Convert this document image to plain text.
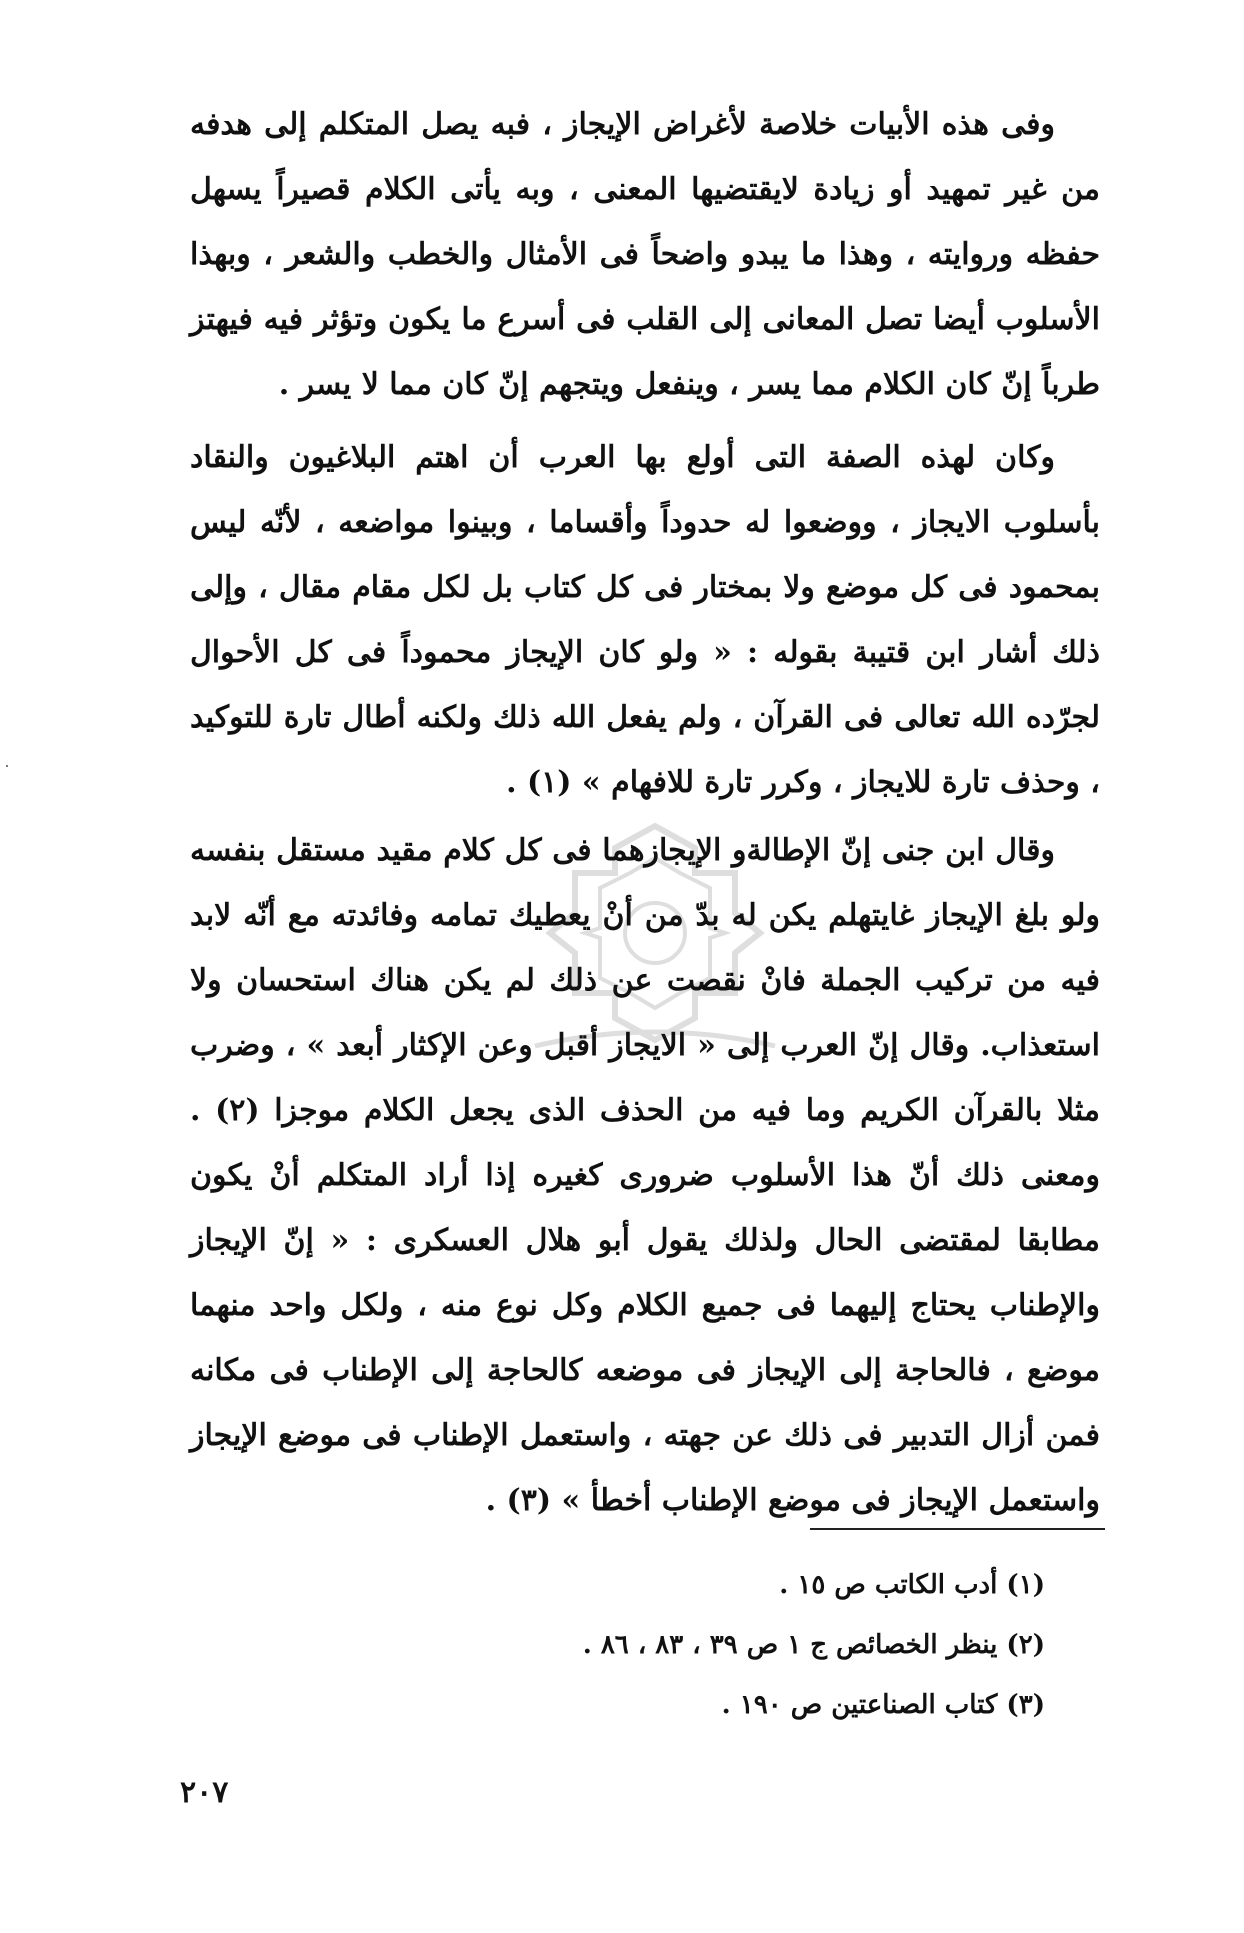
وفى هذه الأبيات خلاصة لأغراض الإيجاز ، فبه يصل المتكلم إلى هدفه من غير تمهيد أو زيادة لايقتضيها المعنى ، وبه يأتى الكلام قصيراً يسهل حفظه وروايته ، وهذا ما يبدو واضحاً فى الأمثال والخطب والشعر ، وبهذا الأسلوب أيضا تصل المعانى إلى القلب فى أسرع ما يكون وتؤثر فيه فيهتز طرباً إنّ كان الكلام مما يسر ، وينفعل ويتجهم إنّ كان مما لا يسر .

وكان لهذه الصفة التى أولع بها العرب أن اهتم البلاغيون والنقاد بأسلوب الايجاز ، ووضعوا له حدوداً وأقساما ، وبينوا مواضعه ، لأنّه ليس بمحمود فى كل موضع ولا بمختار فى كل كتاب بل لكل مقام مقال ، وإلى ذلك أشار ابن قتيبة بقوله : « ولو كان الإيجاز محموداً فى كل الأحوال لجرّده الله تعالى فى القرآن ، ولم يفعل الله ذلك ولكنه أطال تارة للتوكيد ، وحذف تارة للايجاز ، وكرر تارة للافهام » (١) .

وقال ابن جنى إنّ الإطالةو الإيجازهما فى كل كلام مقيد مستقل بنفسه ولو بلغ الإيجاز غايتهلم يكن له بدّ من أنْ يعطيك تمامه وفائدته مع أنّه لابد فيه من تركيب الجملة فانْ نقصت عن ذلك لم يكن هناك استحسان ولا استعذاب. وقال إنّ العرب إلى « الايجاز أقبل وعن الإكثار أبعد » ، وضرب مثلا بالقرآن الكريم وما فيه من الحذف الذى يجعل الكلام موجزا (٢) . ومعنى ذلك أنّ هذا الأسلوب ضرورى كغيره إذا أراد المتكلم أنْ يكون مطابقا لمقتضى الحال ولذلك يقول أبو هلال العسكرى : « إنّ الإيجاز والإطناب يحتاج إليهما فى جميع الكلام وكل نوع منه ، ولكل واحد منهما موضع ، فالحاجة إلى الإيجاز فى موضعه كالحاجة إلى الإطناب فى مكانه فمن أزال التدبير فى ذلك عن جهته ، واستعمل الإطناب فى موضع الإيجاز واستعمل الإيجاز فى موضع الإطناب أخطأ » (٣) .

(١) أدب الكاتب ص ١٥ .
(٢) ينظر الخصائص ج ١ ص ٣٩ ، ٨٣ ، ٨٦ .
(٣) كتاب الصناعتين ص ١٩٠ .
٢٠٧
